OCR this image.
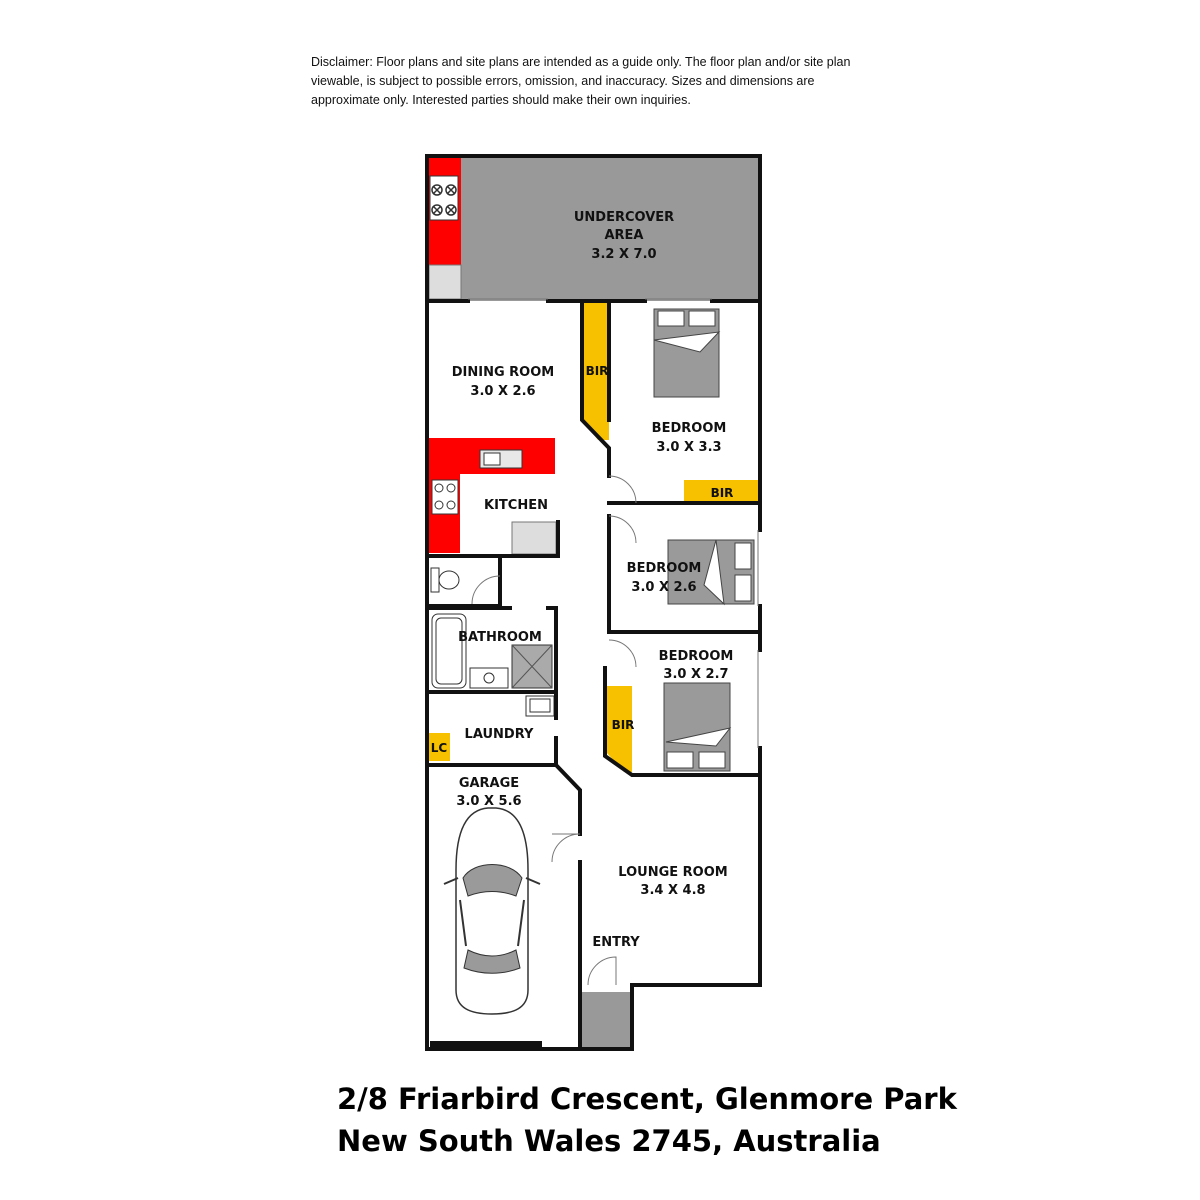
Disclaimer: Floor plans and site plans are intended as a guide only. The floor plan and/or site plan viewable, is subject to possible errors, omission, and inaccuracy. Sizes and dimensions are approximate only. Interested parties should make their own inquiries.
UNDERCOVER
AREA
3.2 X 7.0
DINING ROOM
3.0 X 2.6
BEDROOM
3.0 X 3.3
KITCHEN
BEDROOM
3.0 X 2.6
BATHROOM
BEDROOM
3.0 X 2.7
LAUNDRY
GARAGE
3.0 X 5.6
LOUNGE ROOM
3.4 X 4.8
ENTRY
BIR
BIR
BIR
LC
2/8 Friarbird Crescent, Glenmore Park
New South Wales 2745, Australia
